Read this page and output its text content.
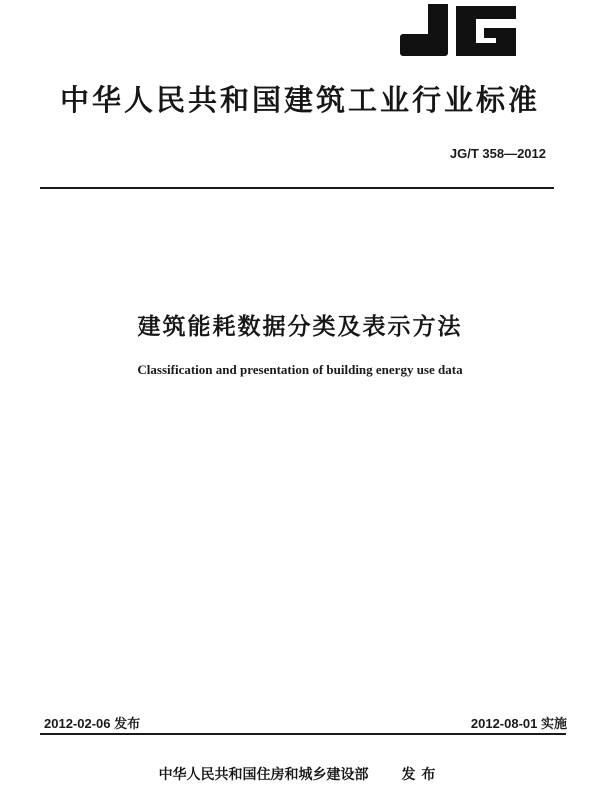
中华人民共和国建筑工业行业标准
JG/T 358—2012
建筑能耗数据分类及表示方法
Classification and presentation of building energy use data
2012-02-06 发布	2012-08-01 实施
中华人民共和国住房和城乡建设部 发布
